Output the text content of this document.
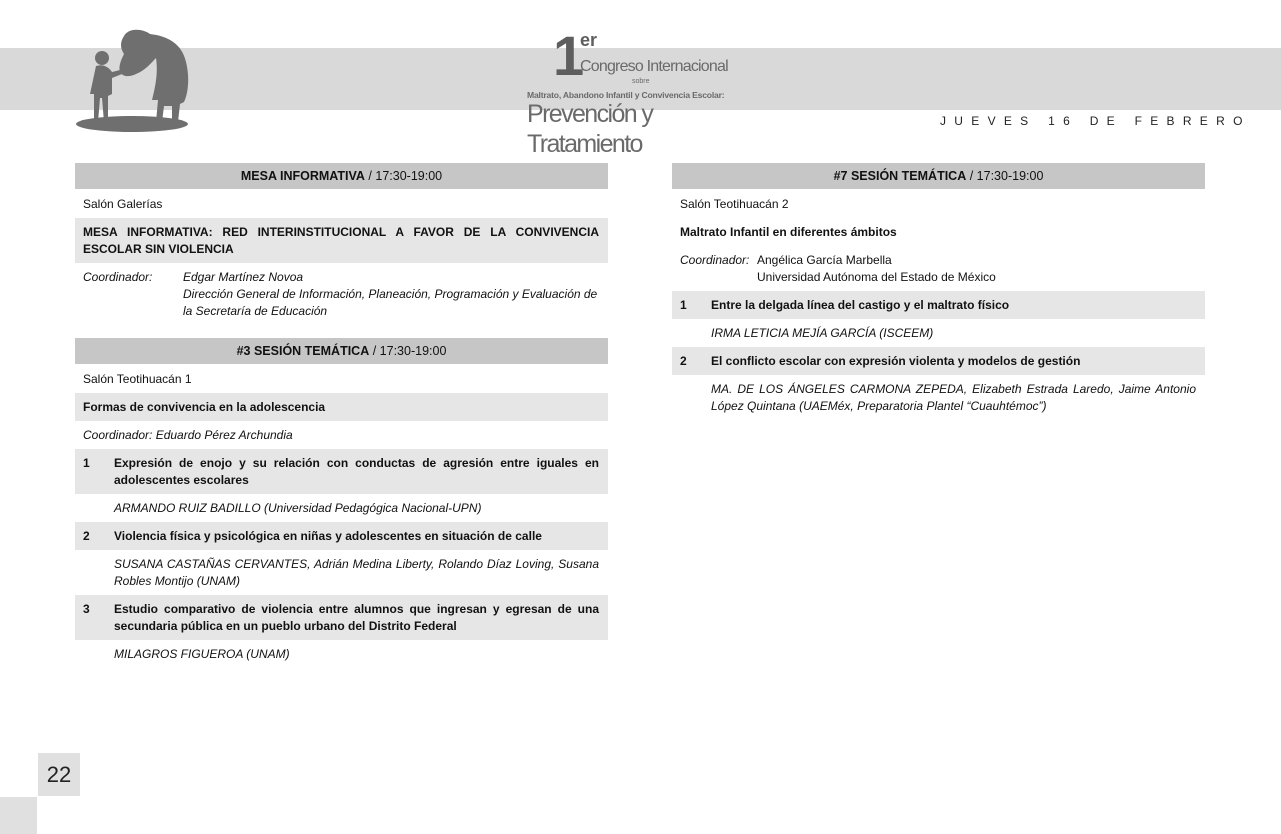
1
er
Congreso Internacional
sobre
Maltrato, Abandono Infantil y Convivencia Escolar:
Prevención y Tratamiento
JUEVES 16 DE FEBRERO
MESA INFORMATIVA / 17:30-19:00
Salón Galerías
MESA INFORMATIVA: RED INTERINSTITUCIONAL A FAVOR DE LA CONVIVENCIA ESCOLAR SIN VIOLENCIA
Coordinador:	Edgar Martínez Novoa
Dirección General de Información, Planeación, Programación y Evaluación de la Secretaría de Educación
#3 SESIÓN TEMÁTICA / 17:30-19:00
Salón Teotihuacán 1
Formas de convivencia en la adolescencia
Coordinador: Eduardo Pérez Archundia
1	Expresión de enojo y su relación con conductas de agresión entre iguales en adolescentes escolares
ARMANDO RUIZ BADILLO (Universidad Pedagógica Nacional-UPN)
2	Violencia física y psicológica en niñas y adolescentes en situación de calle
SUSANA CASTAÑAS CERVANTES, Adrián Medina Liberty, Rolando Díaz Loving, Susana Robles Montijo (UNAM)
3	Estudio comparativo de violencia entre alumnos que ingresan y egresan de una secundaria pública en un pueblo urbano del Distrito Federal
MILAGROS FIGUEROA (UNAM)
#7 SESIÓN TEMÁTICA / 17:30-19:00
Salón Teotihuacán 2
Maltrato Infantil en diferentes ámbitos
Coordinador: Angélica García Marbella
Universidad Autónoma del Estado de México
1	Entre la delgada línea del castigo y el maltrato físico
IRMA LETICIA MEJÍA GARCÍA (ISCEEM)
2	El conflicto escolar con expresión violenta y modelos de gestión
MA. DE LOS ÁNGELES CARMONA ZEPEDA, Elizabeth Estrada Laredo, Jaime Antonio López Quintana (UAEMéx, Preparatoria Plantel “Cuauhtémoc”)
22
